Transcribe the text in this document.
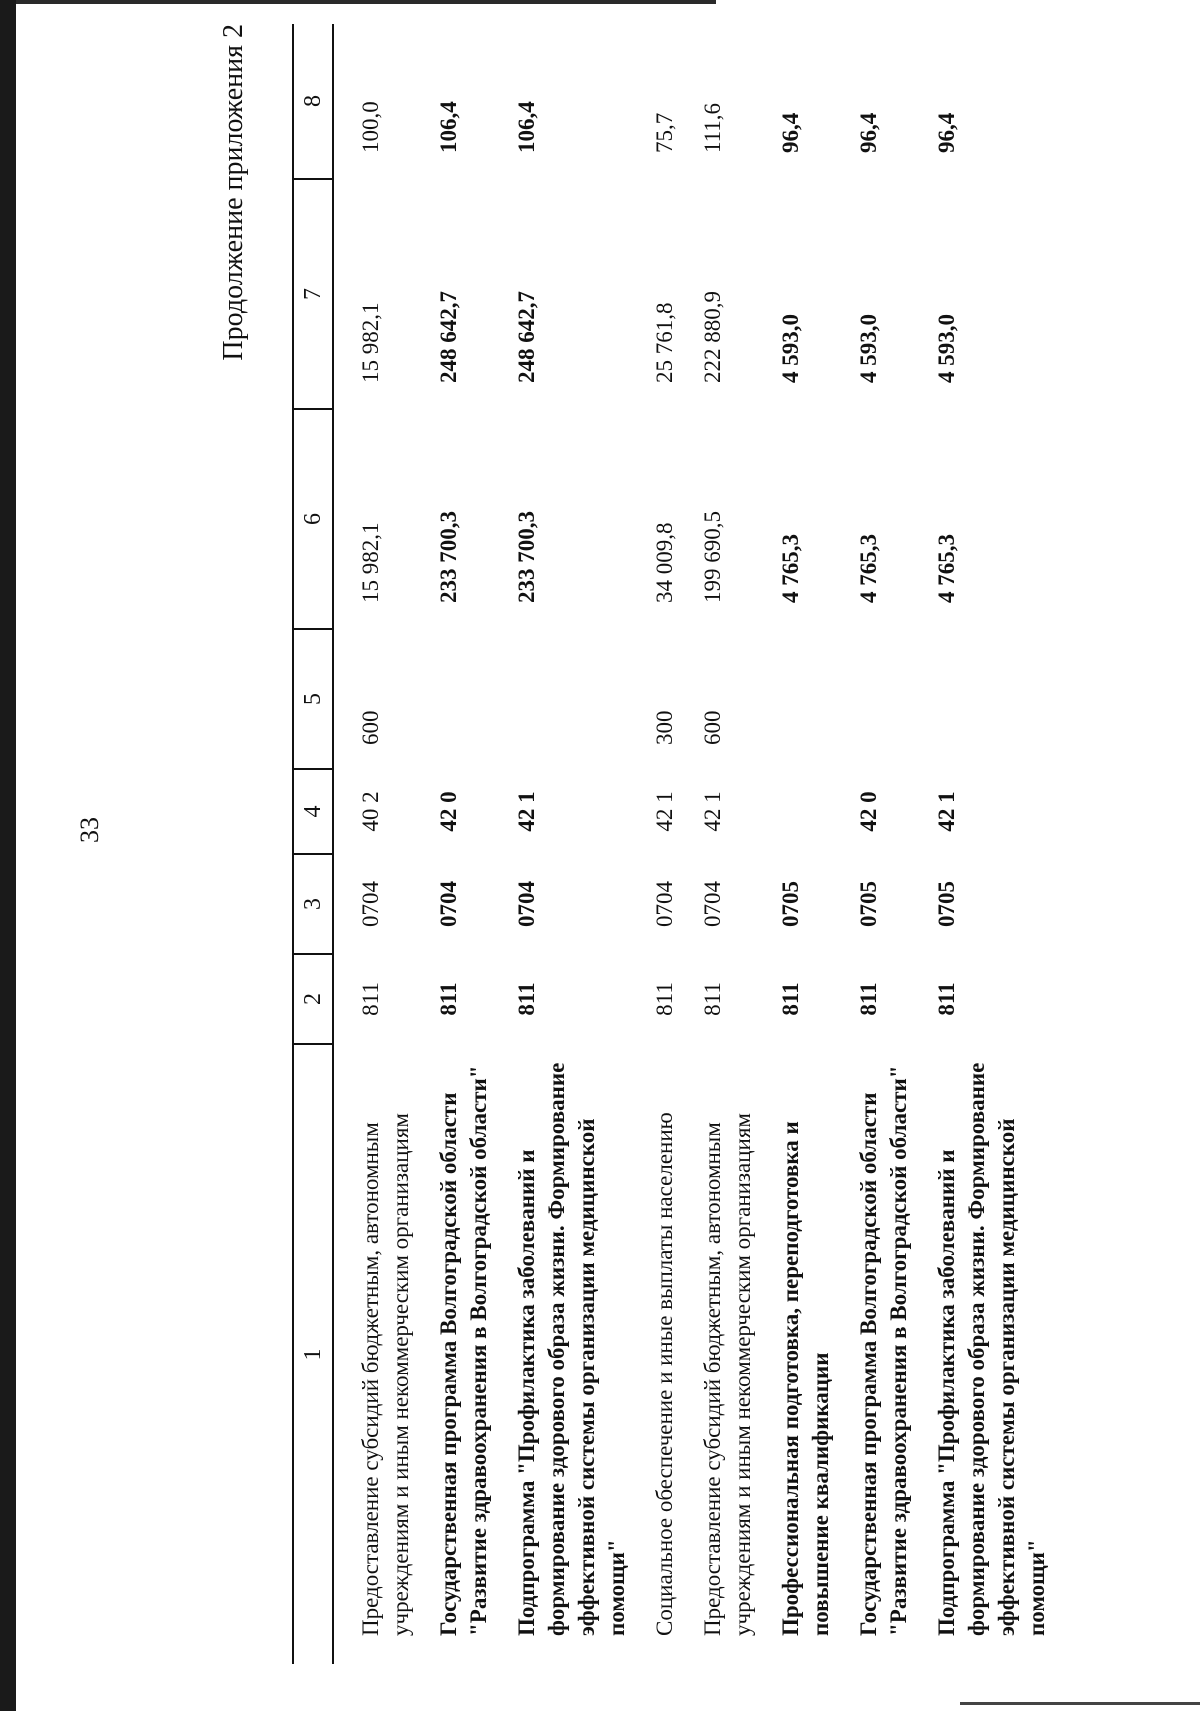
33
Продолжение приложения 2
1	2	3	4	5	6	7	8
Предоставление субсидий бюджетным, автономным учреждениям и иным некоммерческим организациям	811	0704	40 2	600	15 982,1	15 982,1	100,0
Государственная программа Волгоградской области "Развитие здравоохранения в Волгоградской области"	811	0704	42 0		233 700,3	248 642,7	106,4
Подпрограмма "Профилактика заболеваний и формирование здорового образа жизни. Формирование эффективной системы организации медицинской помощи"	811	0704	42 1		233 700,3	248 642,7	106,4
Социальное обеспечение и иные выплаты населению	811	0704	42 1	300	34 009,8	25 761,8	75,7
Предоставление субсидий бюджетным, автономным учреждениям и иным некоммерческим организациям	811	0704	42 1	600	199 690,5	222 880,9	111,6
Профессиональная подготовка, переподготовка и повышение квалификации	811	0705			4 765,3	4 593,0	96,4
Государственная программа Волгоградской области "Развитие здравоохранения в Волгоградской области"	811	0705	42 0		4 765,3	4 593,0	96,4
Подпрограмма "Профилактика заболеваний и формирование здорового образа жизни. Формирование эффективной системы организации медицинской помощи"	811	0705	42 1		4 765,3	4 593,0	96,4
